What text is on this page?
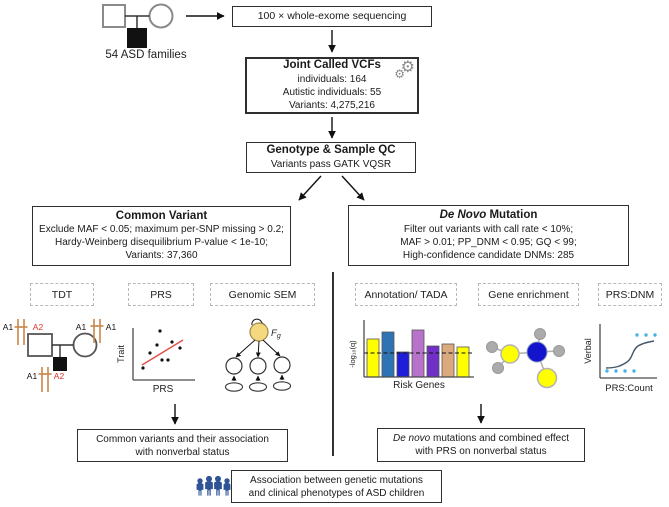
54 ASD families
100 × whole-exome sequencing
Joint Called VCFs
individuals: 164
Autistic individuals: 55
Variants: 4,275,216
⚙
⚙
Genotype & Sample QC
Variants pass GATK VQSR
Common Variant
Exclude MAF < 0.05; maximum per-SNP missing > 0.2;
Hardy-Weinberg disequilibrium P-value < 1e-10;
Variants: 37,360
De Novo Mutation
Filter out variants with call rate < 10%;
MAF > 0.01; PP_DNM < 0.95; GQ < 99;
High-confidence candidate DNMs: 285
TDT	PRS	Genomic SEM	Annotation/ TADA	Gene enrichment	PRS:DNM
A1 A2	A1 A1
A1 A2
Trait
PRS
$F_g$
-log₁₀(q)
Risk Genes
Verbal
PRS:Count
Common variants and their association
with nonverbal status
De novo mutations and combined effect
with PRS on nonverbal status
Association between genetic mutations
and clinical phenotypes of ASD children
